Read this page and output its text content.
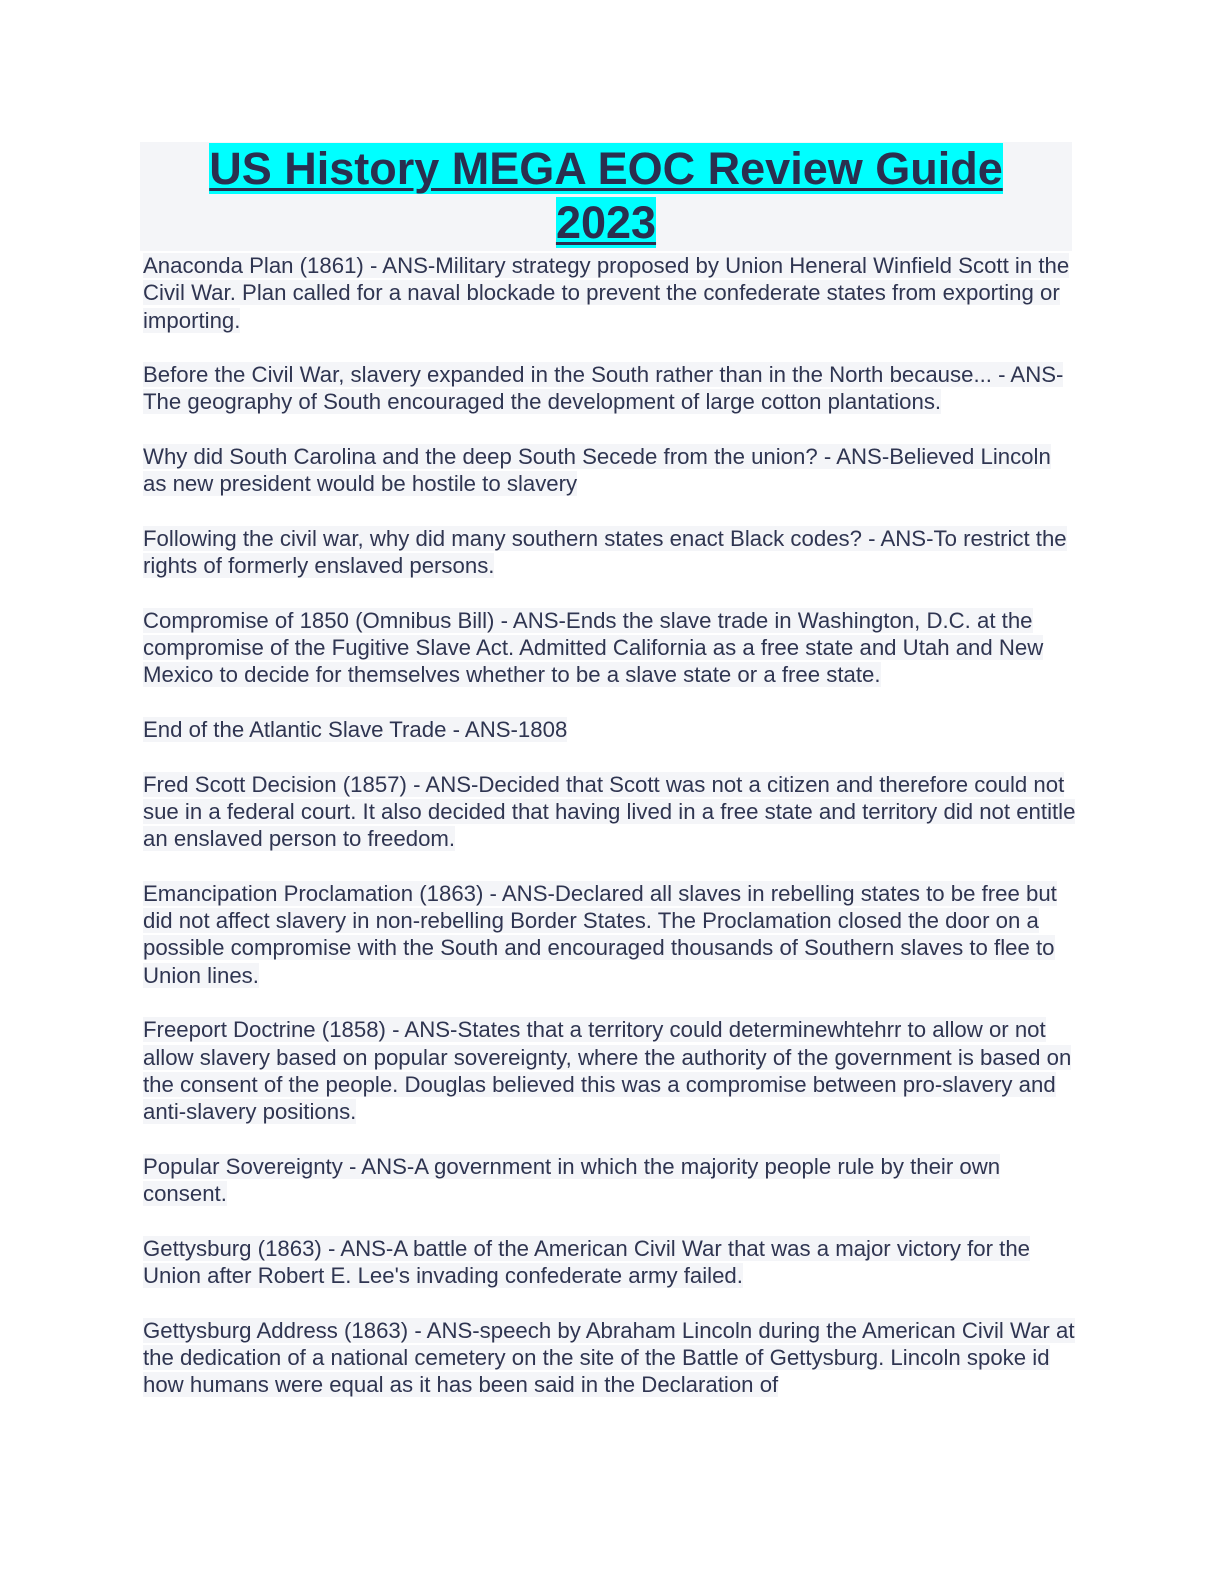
US History MEGA EOC Review Guide
2023

Anaconda Plan (1861) - ANS-Military strategy proposed by Union Heneral Winfield Scott in the Civil War. Plan called for a naval blockade to prevent the confederate states from exporting or importing.

Before the Civil War, slavery expanded in the South rather than in the North because... - ANS-The geography of South encouraged the development of large cotton plantations.

Why did South Carolina and the deep South Secede from the union? - ANS-Believed Lincoln as new president would be hostile to slavery

Following the civil war, why did many southern states enact Black codes? - ANS-To restrict the rights of formerly enslaved persons.

Compromise of 1850 (Omnibus Bill) - ANS-Ends the slave trade in Washington, D.C. at the compromise of the Fugitive Slave Act. Admitted California as a free state and Utah and New Mexico to decide for themselves whether to be a slave state or a free state.

End of the Atlantic Slave Trade - ANS-1808

Fred Scott Decision (1857) - ANS-Decided that Scott was not a citizen and therefore could not sue in a federal court. It also decided that having lived in a free state and territory did not entitle an enslaved person to freedom.

Emancipation Proclamation (1863) - ANS-Declared all slaves in rebelling states to be free but did not affect slavery in non-rebelling Border States. The Proclamation closed the door on a possible compromise with the South and encouraged thousands of Southern slaves to flee to Union lines.

Freeport Doctrine (1858) - ANS-States that a territory could determinewhtehrr to allow or not allow slavery based on popular sovereignty, where the authority of the government is based on the consent of the people. Douglas believed this was a compromise between pro-slavery and anti-slavery positions.

Popular Sovereignty - ANS-A government in which the majority people rule by their own consent.

Gettysburg (1863) - ANS-A battle of the American Civil War that was a major victory for the Union after Robert E. Lee's invading confederate army failed.

Gettysburg Address (1863) - ANS-speech by Abraham Lincoln during the American Civil War at the dedication of a national cemetery on the site of the Battle of Gettysburg. Lincoln spoke id how humans were equal as it has been said in the Declaration of
